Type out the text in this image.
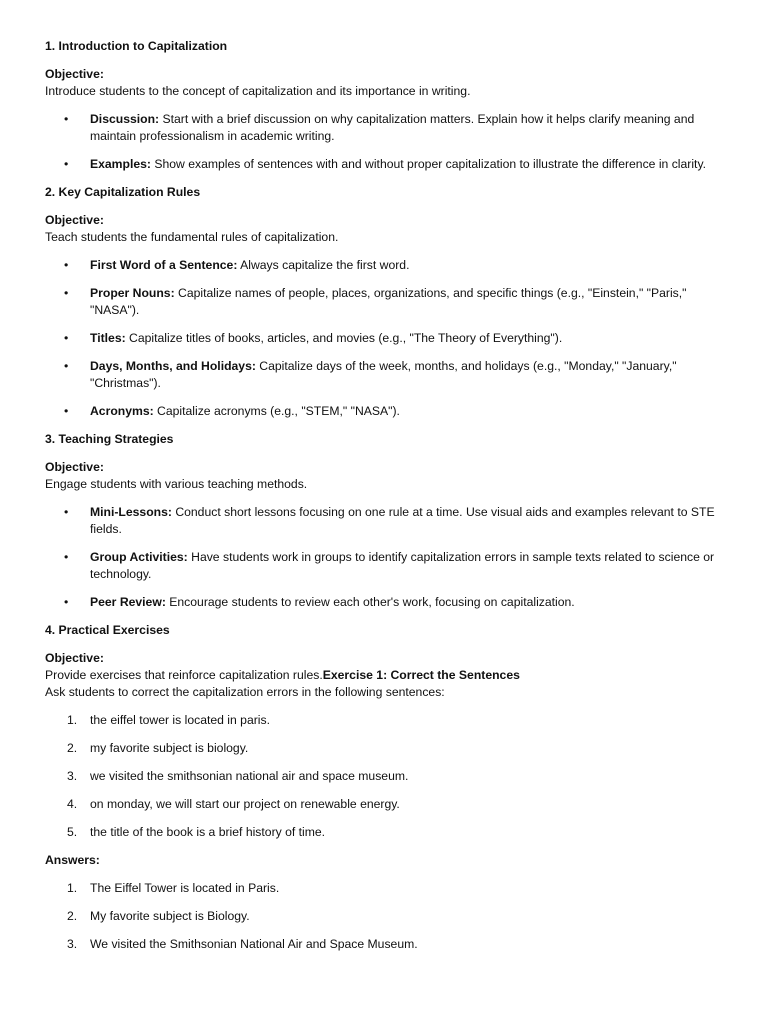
1. Introduction to Capitalization
Objective:
Introduce students to the concept of capitalization and its importance in writing.
•	Discussion: Start with a brief discussion on why capitalization matters. Explain how it helps clarify meaning and maintain professionalism in academic writing.
•	Examples: Show examples of sentences with and without proper capitalization to illustrate the difference in clarity.
2. Key Capitalization Rules
Objective:
Teach students the fundamental rules of capitalization.
•	First Word of a Sentence: Always capitalize the first word.
•	Proper Nouns: Capitalize names of people, places, organizations, and specific things (e.g., "Einstein," "Paris," "NASA").
•	Titles: Capitalize titles of books, articles, and movies (e.g., "The Theory of Everything").
•	Days, Months, and Holidays: Capitalize days of the week, months, and holidays (e.g., "Monday," "January," "Christmas").
•	Acronyms: Capitalize acronyms (e.g., "STEM," "NASA").
3. Teaching Strategies
Objective:
Engage students with various teaching methods.
•	Mini-Lessons: Conduct short lessons focusing on one rule at a time. Use visual aids and examples relevant to STE fields.
•	Group Activities: Have students work in groups to identify capitalization errors in sample texts related to science or technology.
•	Peer Review: Encourage students to review each other's work, focusing on capitalization.
4. Practical Exercises
Objective:
Provide exercises that reinforce capitalization rules.Exercise 1: Correct the Sentences
Ask students to correct the capitalization errors in the following sentences:
1.	the eiffel tower is located in paris.
2.	my favorite subject is biology.
3.	we visited the smithsonian national air and space museum.
4.	on monday, we will start our project on renewable energy.
5.	the title of the book is a brief history of time.
Answers:
1.	The Eiffel Tower is located in Paris.
2.	My favorite subject is Biology.
3.	We visited the Smithsonian National Air and Space Museum.
